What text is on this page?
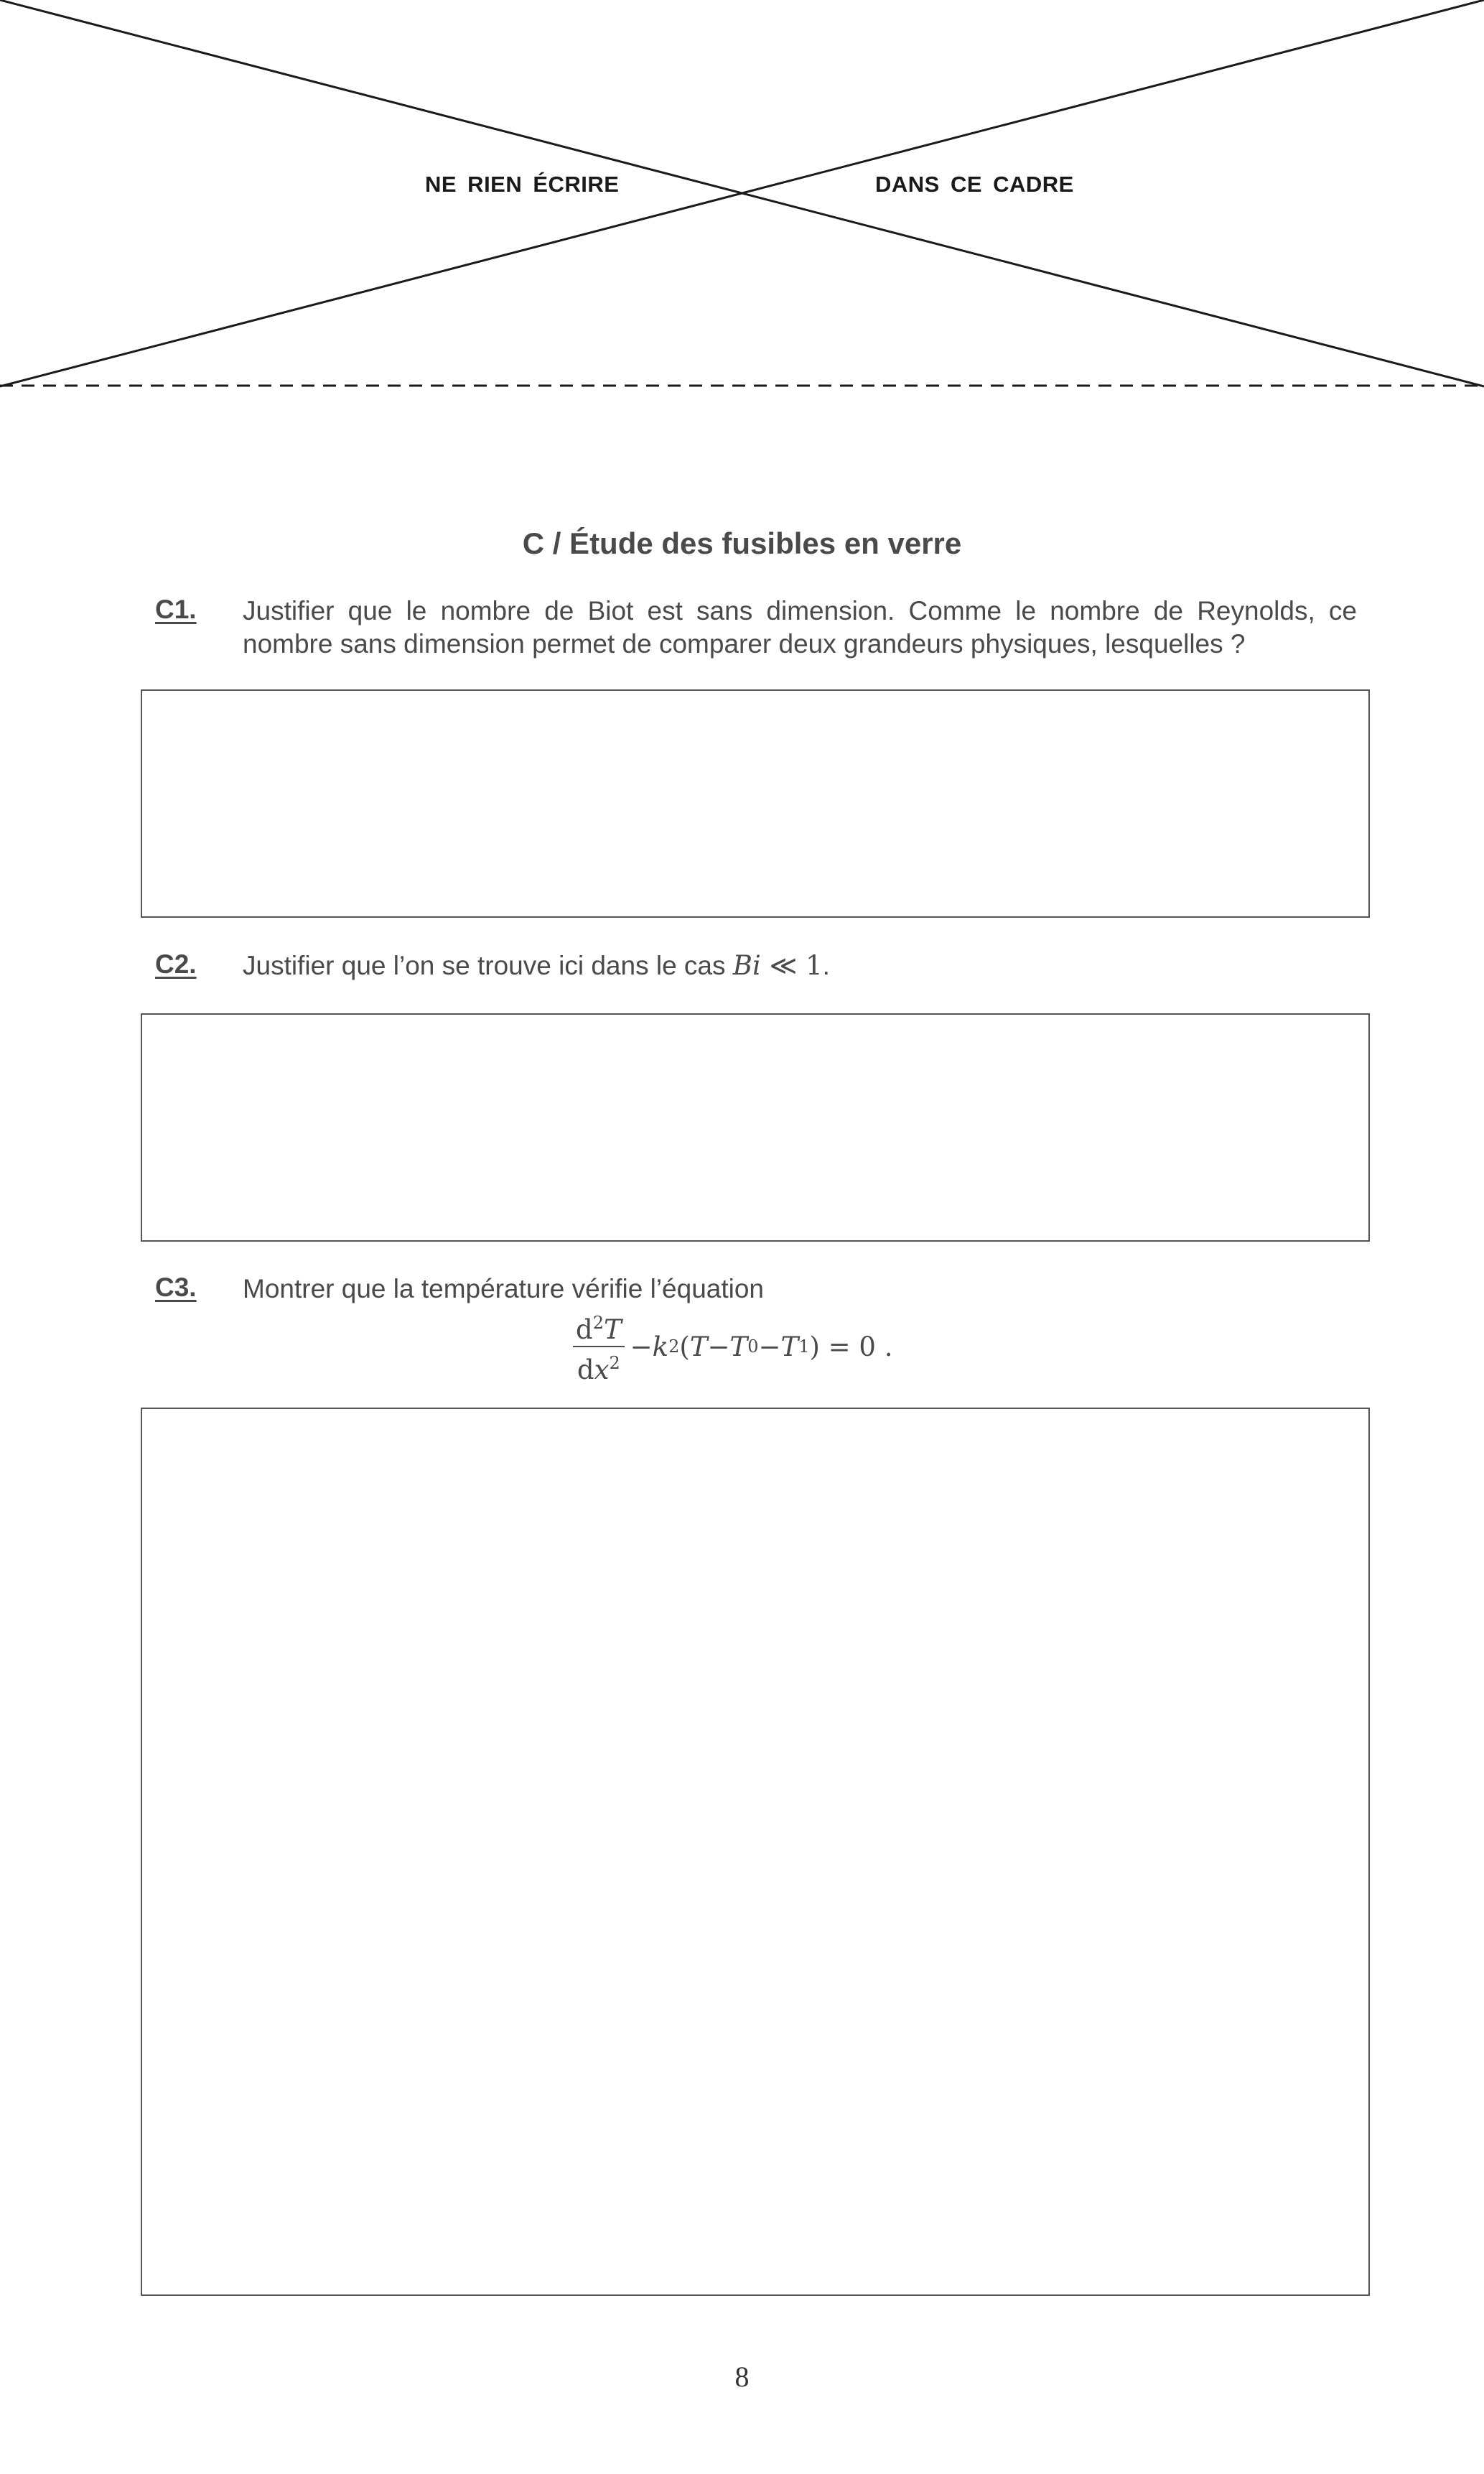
NE RIEN ÉCRIRE	DANS CE CADRE
C / Étude des fusibles en verre
C1. Justifier que le nombre de Biot est sans dimension. Comme le nombre de Reynolds, ce nombre sans dimension permet de comparer deux grandeurs physiques, lesquelles ?
C2. Justifier que l’on se trouve ici dans le cas Bi ≪ 1.
C3. Montrer que la température vérifie l’équation
$\frac{d^2T}{dx^2} - k$ 2 ( T − T 0 − T 1 ) = 0 .
8
